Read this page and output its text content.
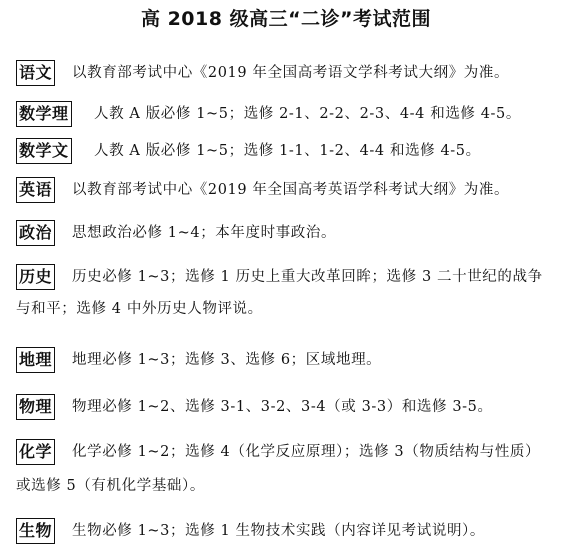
高 2018 级高三“二诊”考试范围
语文 以教育部考试中心《2019 年全国高考语文学科考试大纲》为准。
数学理 人教 A 版必修 1~5；选修 2-1、2-2、2-3、4-4 和选修 4-5。
数学文 人教 A 版必修 1~5；选修 1-1、1-2、4-4 和选修 4-5。
英语 以教育部考试中心《2019 年全国高考英语学科考试大纲》为准。
政治 思想政治必修 1~4；本年度时事政治。
历史 历史必修 1~3；选修 1 历史上重大改革回眸；选修 3 二十世纪的战争
与和平；选修 4 中外历史人物评说。
地理 地理必修 1~3；选修 3、选修 6；区域地理。
物理 物理必修 1~2、选修 3-1、3-2、3-4（或 3-3）和选修 3-5。
化学 化学必修 1~2；选修 4（化学反应原理）；选修 3（物质结构与性质）
或选修 5（有机化学基础）。
生物 生物必修 1~3；选修 1 生物技术实践（内容详见考试说明）。
